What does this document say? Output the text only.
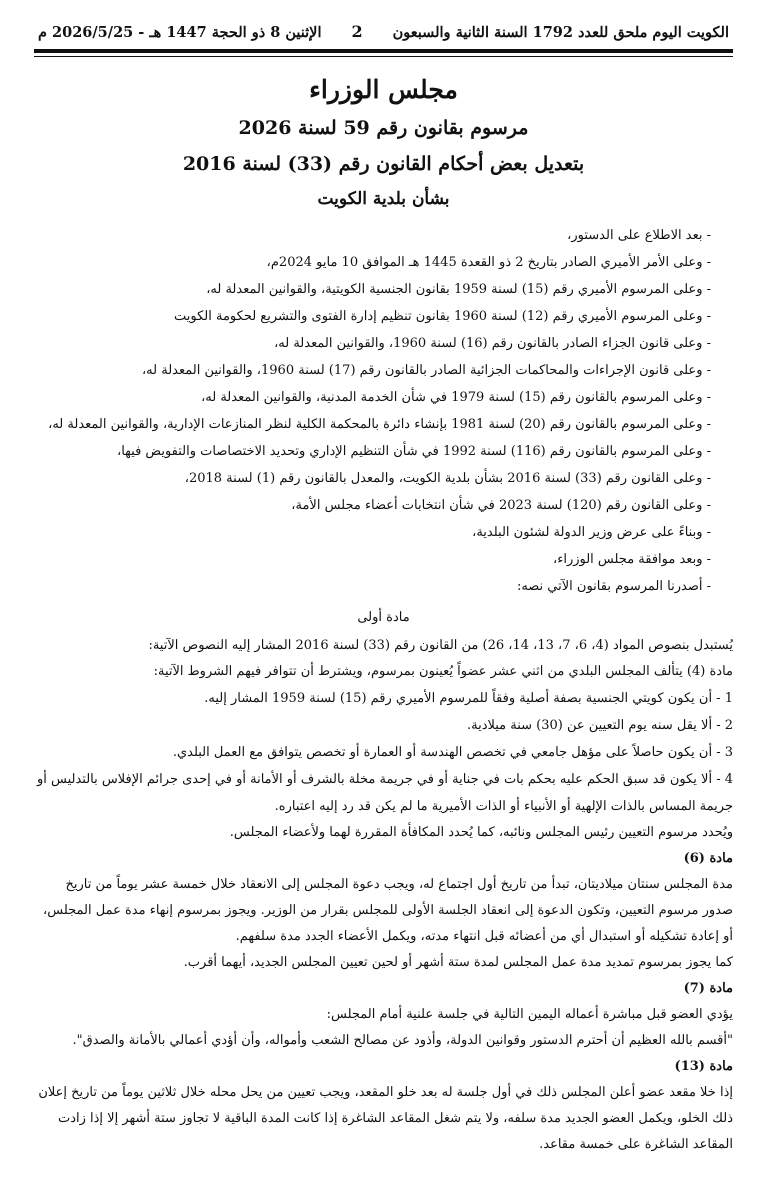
الكويت اليوم ملحق للعدد 1792 السنة الثانية والسبعون
2
الإثنين 8 ذو الحجة 1447 هـ - 2026/5/25 م
مجلس الوزراء
مرسوم بقانون رقم 59 لسنة 2026
بتعديل بعض أحكام القانون رقم (33) لسنة 2016
بشأن بلدية الكويت
- بعد الاطلاع على الدستور،
- وعلى الأمر الأميري الصادر بتاريخ 2 ذو القعدة 1445 هـ الموافق 10 مايو 2024م،
- وعلى المرسوم الأميري رقم (15) لسنة 1959 بقانون الجنسية الكويتية، والقوانين المعدلة له،
- وعلى المرسوم الأميري رقم (12) لسنة 1960 بقانون تنظيم إدارة الفتوى والتشريع لحكومة الكويت
- وعلى قانون الجزاء الصادر بالقانون رقم (16) لسنة 1960، والقوانين المعدلة له،
- وعلى قانون الإجراءات والمحاكمات الجزائية الصادر بالقانون رقم (17) لسنة 1960، والقوانين المعدلة له،
- وعلى المرسوم بالقانون رقم (15) لسنة 1979 في شأن الخدمة المدنية، والقوانين المعدلة له،
- وعلى المرسوم بالقانون رقم (20) لسنة 1981 بإنشاء دائرة بالمحكمة الكلية لنظر المنازعات الإدارية، والقوانين المعدلة له،
- وعلى المرسوم بالقانون رقم (116) لسنة 1992 في شأن التنظيم الإداري وتحديد الاختصاصات والتفويض فيها،
- وعلى القانون رقم (33) لسنة 2016 بشأن بلدية الكويت، والمعدل بالقانون رقم (1) لسنة 2018،
- وعلى القانون رقم (120) لسنة 2023 في شأن انتخابات أعضاء مجلس الأمة،
- وبناءً على عرض وزير الدولة لشئون البلدية،
- وبعد موافقة مجلس الوزراء،
- أصدرنا المرسوم بقانون الآتي نصه:
مادة أولى
يُستبدل بنصوص المواد (4، 6، 7، 13، 14، 26) من القانون رقم (33) لسنة 2016 المشار إليه النصوص الآتية:
مادة (4) يتألف المجلس البلدي من اثني عشر عضواً يُعينون بمرسوم، ويشترط أن تتوافر فيهم الشروط الآتية:
1 - أن يكون كويتي الجنسية بصفة أصلية وفقاً للمرسوم الأميري رقم (15) لسنة 1959 المشار إليه.
2 - ألا يقل سنه يوم التعيين عن (30) سنة ميلادية.
3 - أن يكون حاصلاً على مؤهل جامعي في تخصص الهندسة أو العمارة أو تخصص يتوافق مع العمل البلدي.
4 - ألا يكون قد سبق الحكم عليه بحكم بات في جناية أو في جريمة مخلة بالشرف أو الأمانة أو في إحدى جرائم الإفلاس بالتدليس أو جريمة المساس بالذات الإلهية أو الأنبياء أو الذات الأميرية ما لم يكن قد رد إليه اعتباره.
ويُحدد مرسوم التعيين رئيس المجلس ونائبه، كما يُحدد المكافأة المقررة لهما ولأعضاء المجلس.
مادة (6)
مدة المجلس سنتان ميلاديتان، تبدأ من تاريخ أول اجتماع له، ويجب دعوة المجلس إلى الانعقاد خلال خمسة عشر يوماً من تاريخ صدور مرسوم التعيين، وتكون الدعوة إلى انعقاد الجلسة الأولى للمجلس بقرار من الوزير. ويجوز بمرسوم إنهاء مدة عمل المجلس، أو إعادة تشكيله أو استبدال أي من أعضائه قبل انتهاء مدته، ويكمل الأعضاء الجدد مدة سلفهم.
كما يجوز بمرسوم تمديد مدة عمل المجلس لمدة ستة أشهر أو لحين تعيين المجلس الجديد، أيهما أقرب.
مادة (7)
يؤدي العضو قبل مباشرة أعماله اليمين التالية في جلسة علنية أمام المجلس:
"أقسم بالله العظيم أن أحترم الدستور وقوانين الدولة، وأذود عن مصالح الشعب وأمواله، وأن أؤدي أعمالي بالأمانة والصدق".
مادة (13)
إذا خلا مقعد عضو أعلن المجلس ذلك في أول جلسة له بعد خلو المقعد، ويجب تعيين من يحل محله خلال ثلاثين يوماً من تاريخ إعلان ذلك الخلو، ويكمل العضو الجديد مدة سلفه، ولا يتم شغل المقاعد الشاغرة إذا كانت المدة الباقية لا تجاوز ستة أشهر إلا إذا زادت المقاعد الشاغرة على خمسة مقاعد.
